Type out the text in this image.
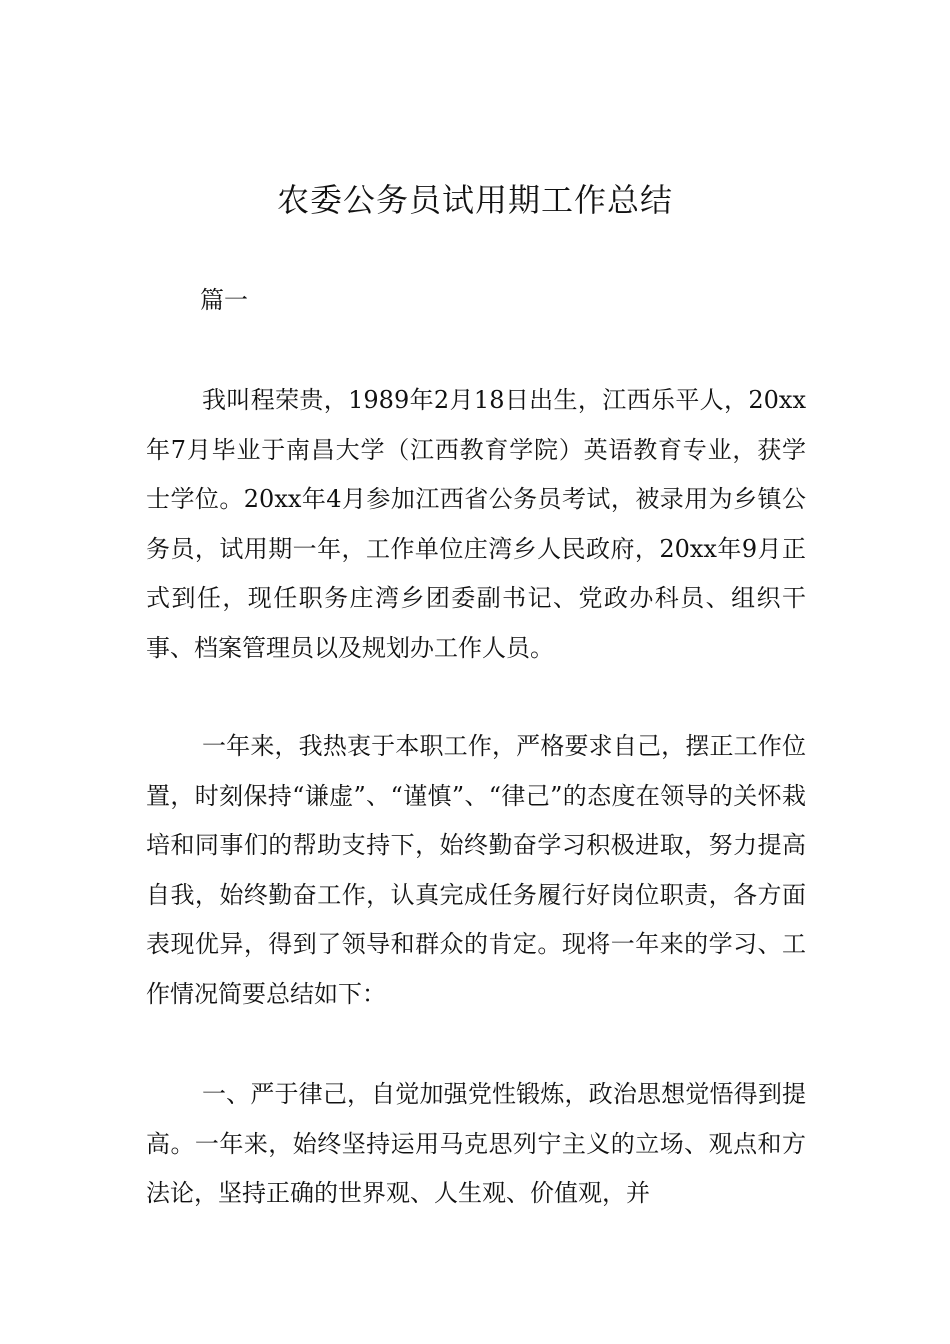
农委公务员试用期工作总结
篇一

我叫程荣贵，1989年2月18日出生，江西乐平人，20xx年7月毕业于南昌大学（江西教育学院）英语教育专业，获学士学位。20xx年4月参加江西省公务员考试，被录用为乡镇公务员，试用期一年，工作单位庄湾乡人民政府，20xx年9月正式到任，现任职务庄湾乡团委副书记、党政办科员、组织干事、档案管理员以及规划办工作人员。

一年来，我热衷于本职工作，严格要求自己，摆正工作位置，时刻保持“谦虚”、“谨慎”、“律己”的态度在领导的关怀栽培和同事们的帮助支持下，始终勤奋学习积极进取，努力提高自我，始终勤奋工作，认真完成任务履行好岗位职责，各方面表现优异，得到了领导和群众的肯定。现将一年来的学习、工作情况简要总结如下：

一、严于律己，自觉加强党性锻炼，政治思想觉悟得到提高。一年来，始终坚持运用马克思列宁主义的立场、观点和方法论，坚持正确的世界观、人生观、价值观，并
